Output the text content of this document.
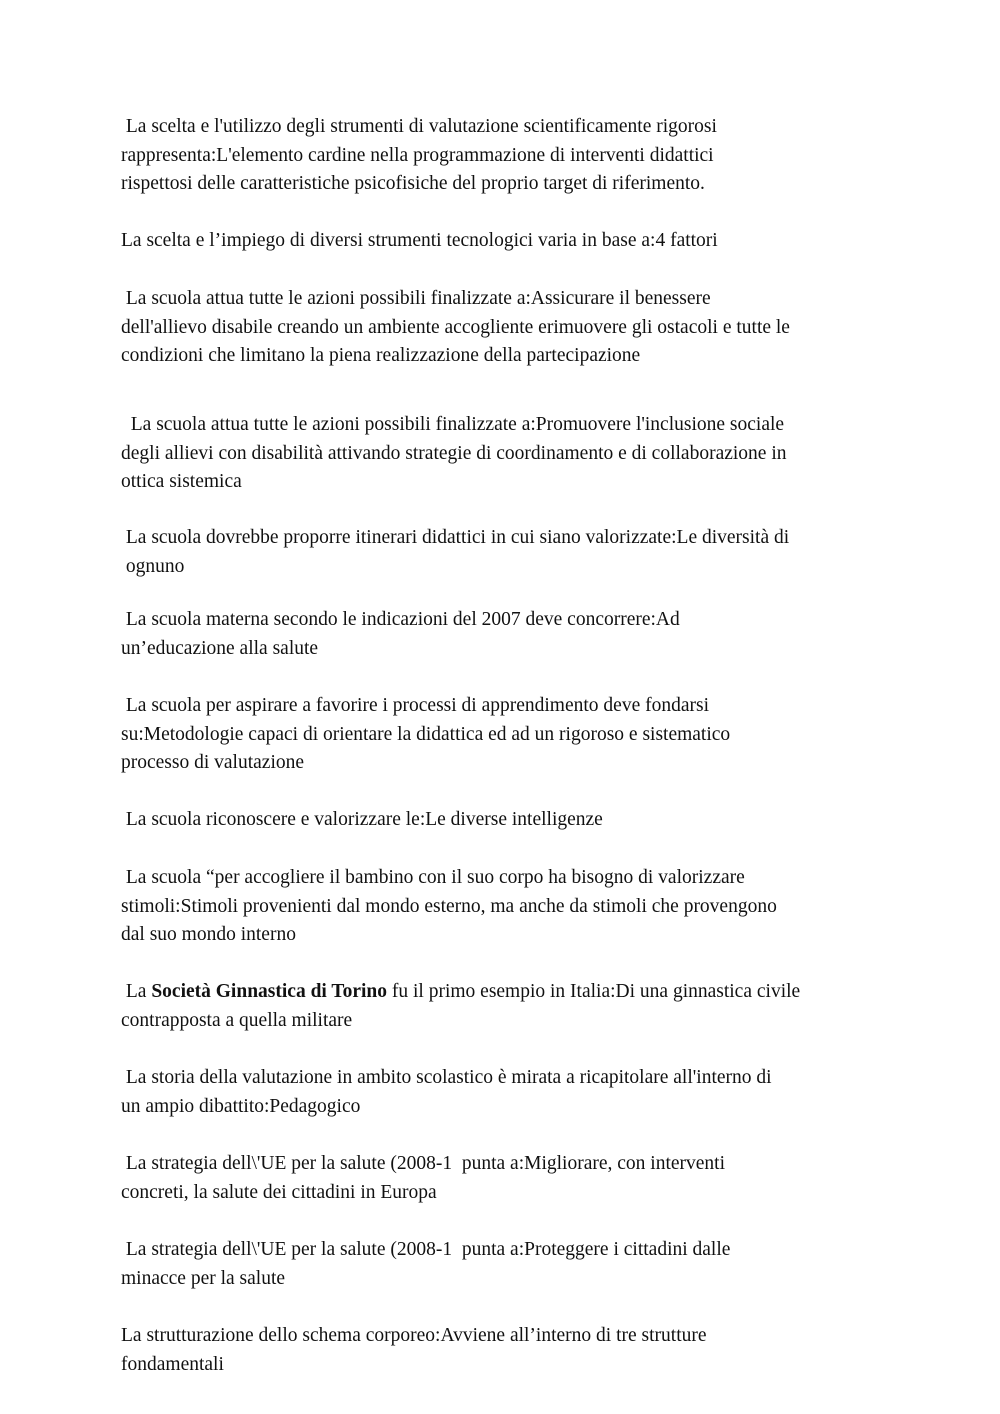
La scelta e l'utilizzo degli strumenti di valutazione scientificamente rigorosi
rappresenta:L'elemento cardine nella programmazione di interventi didattici
rispettosi delle caratteristiche psicofisiche del proprio target di riferimento.
La scelta e l’impiego di diversi strumenti tecnologici varia in base a:4 fattori
La scuola attua tutte le azioni possibili finalizzate a:Assicurare il benessere
dell'allievo disabile creando un ambiente accogliente erimuovere gli ostacoli e tutte le
condizioni che limitano la piena realizzazione della partecipazione
La scuola attua tutte le azioni possibili finalizzate a:Promuovere l'inclusione sociale
degli allievi con disabilità attivando strategie di coordinamento e di collaborazione in
ottica sistemica
La scuola dovrebbe proporre itinerari didattici in cui siano valorizzate:Le diversità di
ognuno
La scuola materna secondo le indicazioni del 2007 deve concorrere:Ad
un’educazione alla salute
La scuola per aspirare a favorire i processi di apprendimento deve fondarsi
su:Metodologie capaci di orientare la didattica ed ad un rigoroso e sistematico
processo di valutazione
La scuola riconoscere e valorizzare le:Le diverse intelligenze
La scuola “per accogliere il bambino con il suo corpo ha bisogno di valorizzare
stimoli:Stimoli provenienti dal mondo esterno, ma anche da stimoli che provengono
dal suo mondo interno
La Società Ginnastica di Torino fu il primo esempio in Italia:Di una ginnastica civile
contrapposta a quella militare
La storia della valutazione in ambito scolastico è mirata a ricapitolare all'interno di
un ampio dibattito:Pedagogico
La strategia dell\'UE per la salute (2008-1  punta a:Migliorare, con interventi
concreti, la salute dei cittadini in Europa
La strategia dell\'UE per la salute (2008-1  punta a:Proteggere i cittadini dalle
minacce per la salute
La strutturazione dello schema corporeo:Avviene all’interno di tre strutture
fondamentali
